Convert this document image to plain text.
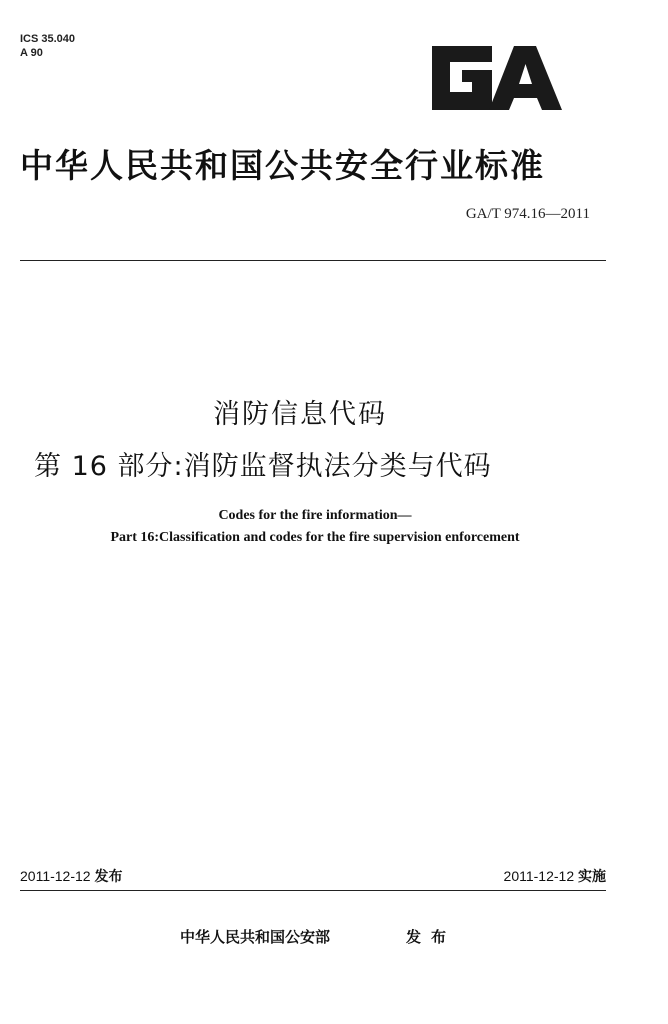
ICS 35.040
A 90
中华人民共和国公共安全行业标准
GA/T 974.16—2011
消防信息代码
第 16 部分:消防监督执法分类与代码
Codes for the fire information—
Part 16:Classification and codes for the fire supervision enforcement
2011-12-12 发布	2011-12-12 实施
中华人民共和国公安部	发布
